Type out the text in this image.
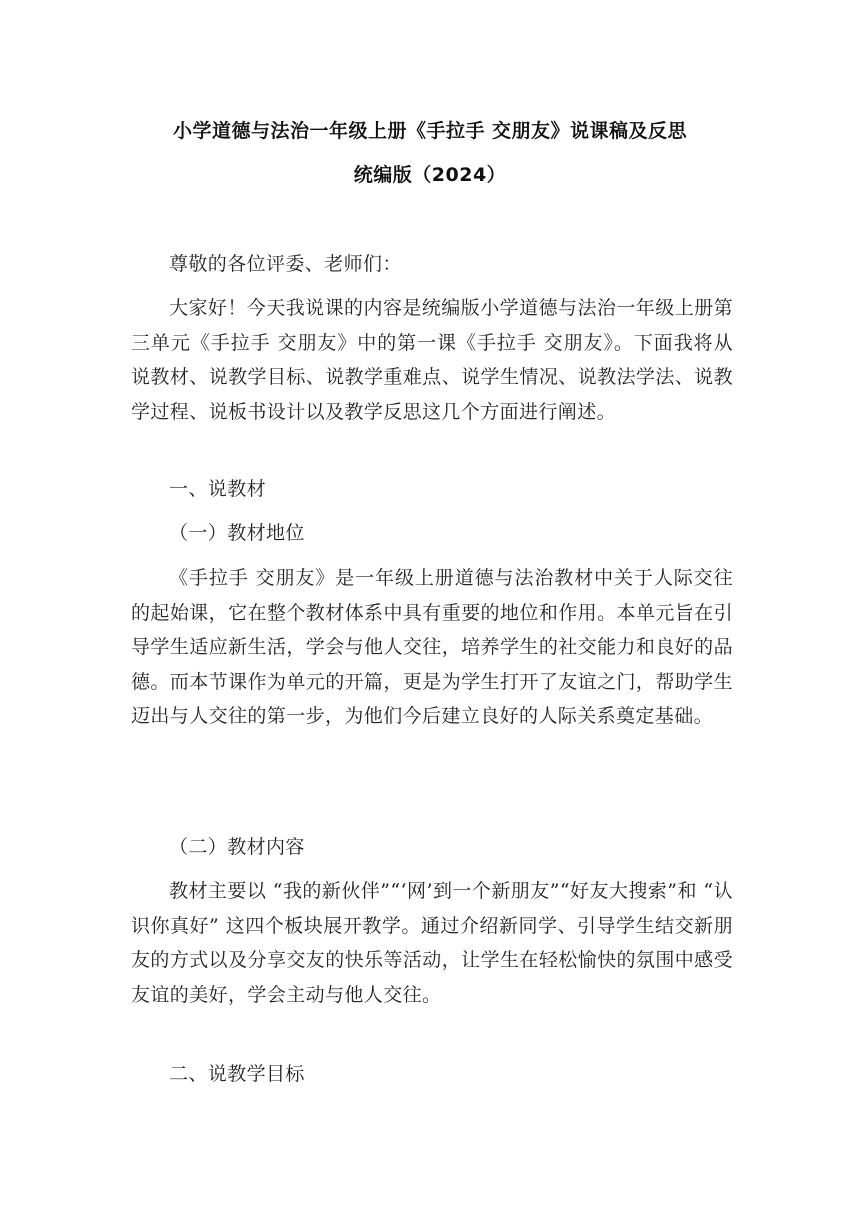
小学道德与法治一年级上册《手拉手 交朋友》说课稿及反思
统编版（2024）

尊敬的各位评委、老师们：

大家好！今天我说课的内容是统编版小学道德与法治一年级上册第三单元《手拉手 交朋友》中的第一课《手拉手 交朋友》。下面我将从说教材、说教学目标、说教学重难点、说学生情况、说教法学法、说教学过程、说板书设计以及教学反思这几个方面进行阐述。

一、说教材

（一）教材地位

《手拉手 交朋友》是一年级上册道德与法治教材中关于人际交往的起始课，它在整个教材体系中具有重要的地位和作用。本单元旨在引导学生适应新生活，学会与他人交往，培养学生的社交能力和良好的品德。而本节课作为单元的开篇，更是为学生打开了友谊之门，帮助学生迈出与人交往的第一步，为他们今后建立良好的人际关系奠定基础。

（二）教材内容

教材主要以 “我的新伙伴”“‘网’到一个新朋友”“好友大搜索”和 “认识你真好” 这四个板块展开教学。通过介绍新同学、引导学生结交新朋友的方式以及分享交友的快乐等活动，让学生在轻松愉快的氛围中感受友谊的美好，学会主动与他人交往。

二、说教学目标
